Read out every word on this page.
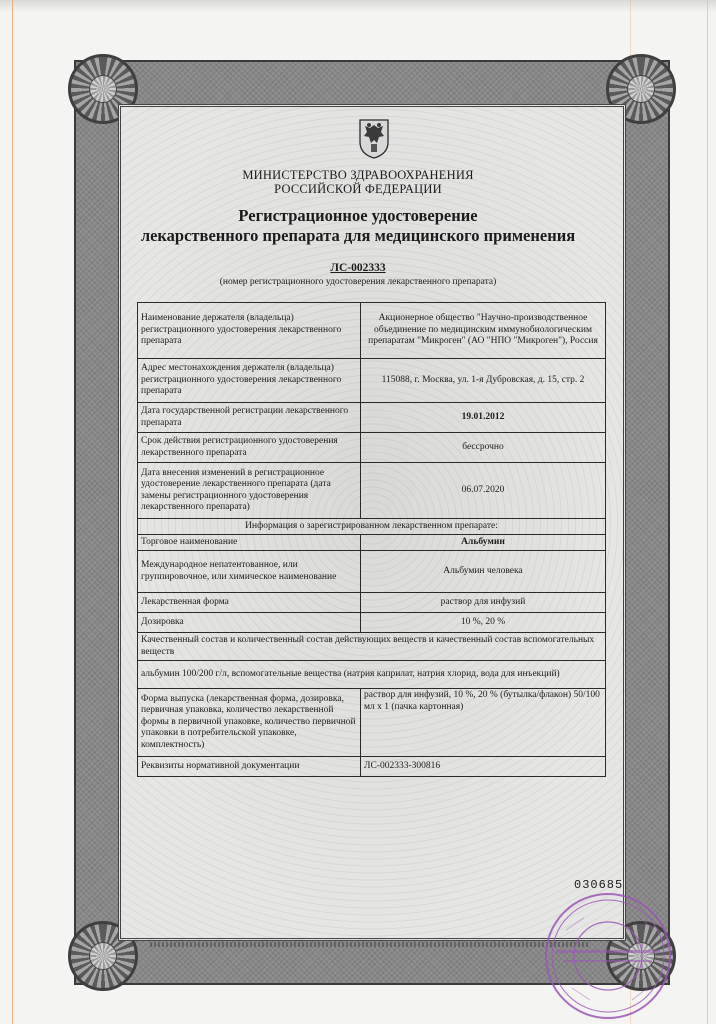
МИНИСТЕРСТВО ЗДРАВООХРАНЕНИЯ
РОССИЙСКОЙ ФЕДЕРАЦИИ
Регистрационное удостоверение
лекарственного препарата для медицинского применения
ЛС-002333
(номер регистрационного удостоверения лекарственного препарата)
Наименование держателя (владельца) регистрационного удостоверения лекарственного препарата	Акционерное общество "Научно-производственное объединение по медицинским иммунобиологическим препаратам "Микроген" (АО "НПО "Микроген"), Россия
Адрес местонахождения держателя (владельца) регистрационного удостоверения лекарственного препарата	115088, г. Москва, ул. 1-я Дубровская, д. 15, стр. 2
Дата государственной регистрации лекарственного препарата	19.01.2012
Срок действия регистрационного удостоверения лекарственного препарата	бессрочно
Дата внесения изменений в регистрационное удостоверение лекарственного препарата (дата замены регистрационного удостоверения лекарственного препарата)	06.07.2020
Информация о зарегистрированном лекарственном препарате:	
Торговое наименование	Альбумин
Международное непатентованное, или группировочное, или химическое наименование	Альбумин человека
Лекарственная форма	раствор для инфузий
Дозировка	10 %, 20 %
Качественный состав и количественный состав действующих веществ и качественный состав вспомогательных веществ	
альбумин 100/200 г/л, вспомогательные вещества (натрия каприлат, натрия хлорид, вода для инъекций)	
Форма выпуска (лекарственная форма, дозировка, первичная упаковка, количество лекарственной формы в первичной упаковке, количество первичной упаковки в потребительской упаковке, комплектность)	раствор для инфузий, 10 %, 20 % (бутылка/флакон) 50/100 мл х 1 (пачка картонная)
Реквизиты нормативной документации	ЛС-002333-300816
030685
